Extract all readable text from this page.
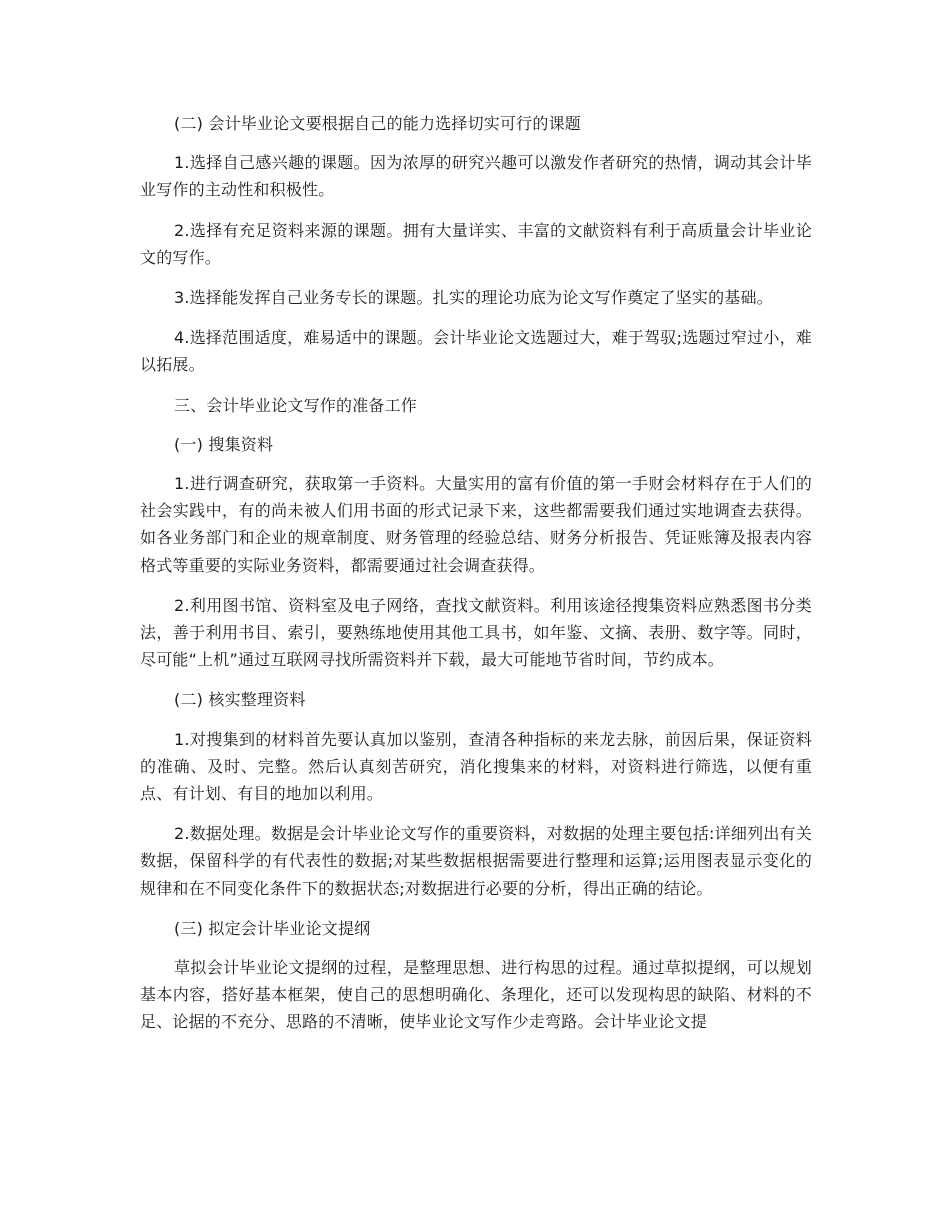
(二) 会计毕业论文要根据自己的能力选择切实可行的课题

1.选择自己感兴趣的课题。因为浓厚的研究兴趣可以激发作者研究的热情，调动其会计毕业写作的主动性和积极性。

2.选择有充足资料来源的课题。拥有大量详实、丰富的文献资料有利于高质量会计毕业论文的写作。

3.选择能发挥自己业务专长的课题。扎实的理论功底为论文写作奠定了坚实的基础。

4.选择范围适度，难易适中的课题。会计毕业论文选题过大，难于驾驭;选题过窄过小，难以拓展。

三、会计毕业论文写作的准备工作

(一) 搜集资料

1.进行调查研究，获取第一手资料。大量实用的富有价值的第一手财会材料存在于人们的社会实践中，有的尚未被人们用书面的形式记录下来，这些都需要我们通过实地调查去获得。如各业务部门和企业的规章制度、财务管理的经验总结、财务分析报告、凭证账簿及报表内容格式等重要的实际业务资料，都需要通过社会调查获得。

2.利用图书馆、资料室及电子网络，查找文献资料。利用该途径搜集资料应熟悉图书分类法，善于利用书目、索引，要熟练地使用其他工具书，如年鉴、文摘、表册、数字等。同时，尽可能“上机”通过互联网寻找所需资料并下载，最大可能地节省时间，节约成本。

(二) 核实整理资料

1.对搜集到的材料首先要认真加以鉴别，查清各种指标的来龙去脉，前因后果，保证资料的准确、及时、完整。然后认真刻苦研究，消化搜集来的材料，对资料进行筛选，以便有重点、有计划、有目的地加以利用。

2.数据处理。数据是会计毕业论文写作的重要资料，对数据的处理主要包括:详细列出有关数据，保留科学的有代表性的数据;对某些数据根据需要进行整理和运算;运用图表显示变化的规律和在不同变化条件下的数据状态;对数据进行必要的分析，得出正确的结论。

(三) 拟定会计毕业论文提纲

草拟会计毕业论文提纲的过程，是整理思想、进行构思的过程。通过草拟提纲，可以规划基本内容，搭好基本框架，使自己的思想明确化、条理化，还可以发现构思的缺陷、材料的不足、论据的不充分、思路的不清晰，使毕业论文写作少走弯路。会计毕业论文提
